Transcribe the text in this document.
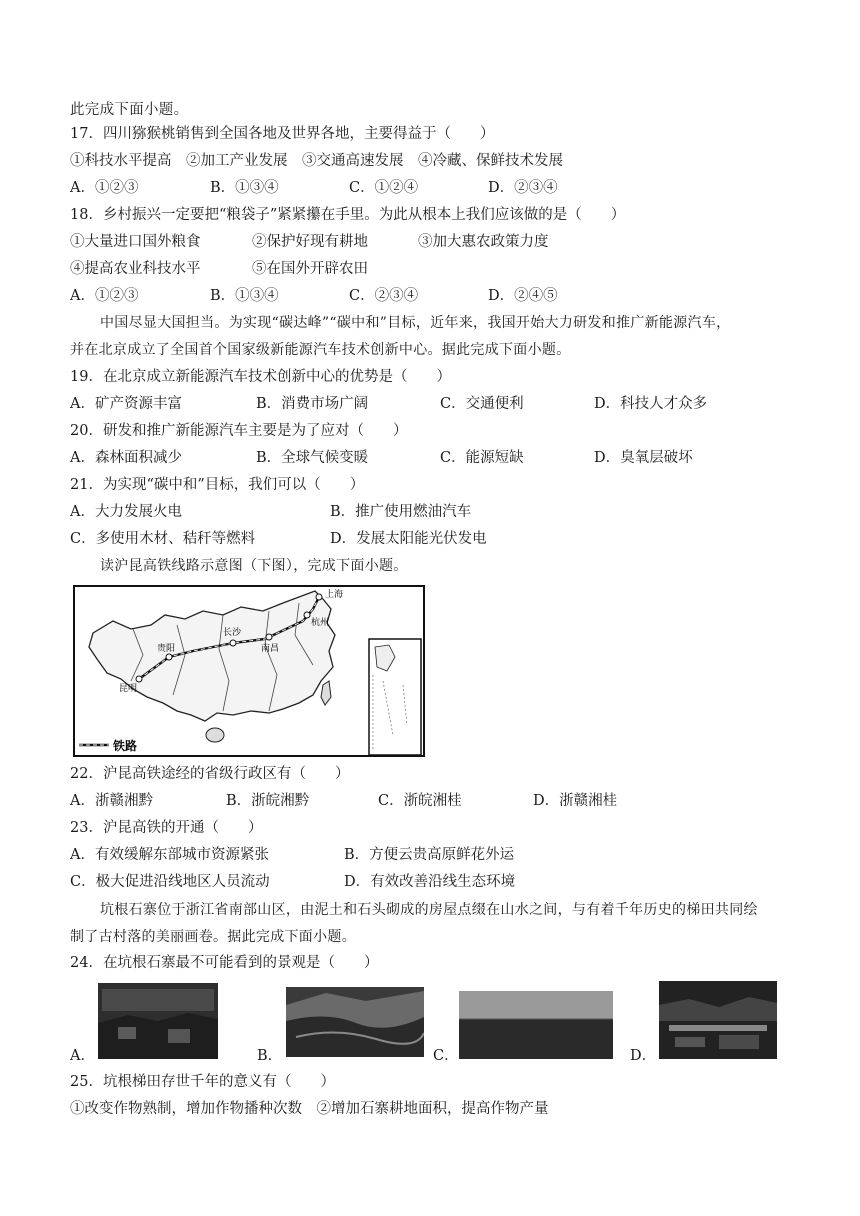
此完成下面小题。
17．四川猕猴桃销售到全国各地及世界各地，主要得益于（　　）
①科技水平提高　②加工产业发展　③交通高速发展　④冷藏、保鲜技术发展
A．①②③	B．①③④	C．①②④	D．②③④
18．乡村振兴一定要把“粮袋子”紧紧攥在手里。为此从根本上我们应该做的是（　　）
①大量进口国外粮食	②保护好现有耕地	③加大惠农政策力度
④提高农业科技水平	⑤在国外开辟农田
A．①②③	B．①③④	C．②③④	D．②④⑤
中国尽显大国担当。为实现“碳达峰”“碳中和”目标，近年来，我国开始大力研发和推广新能源汽车，
并在北京成立了全国首个国家级新能源汽车技术创新中心。据此完成下面小题。
19．在北京成立新能源汽车技术创新中心的优势是（　　）
A．矿产资源丰富	B．消费市场广阔	C．交通便利	D．科技人才众多
20．研发和推广新能源汽车主要是为了应对（　　）
A．森林面积减少	B．全球气候变暖	C．能源短缺	D．臭氧层破坏
21．为实现“碳中和”目标，我们可以（　　）
A．大力发展火电	B．推广使用燃油汽车
C．多使用木材、秸秆等燃料	D．发展太阳能光伏发电
读沪昆高铁线路示意图（下图），完成下面小题。
上海
杭州
长沙
南昌
贵阳
昆明
铁路
22．沪昆高铁途经的省级行政区有（　　）
A．浙赣湘黔	B．浙皖湘黔	C．浙皖湘桂	D．浙赣湘桂
23．沪昆高铁的开通（　　）
A．有效缓解东部城市资源紧张	B．方便云贵高原鲜花外运
C．极大促进沿线地区人员流动	D．有效改善沿线生态环境
坑根石寨位于浙江省南部山区，由泥土和石头砌成的房屋点缀在山水之间，与有着千年历史的梯田共同绘
制了古村落的美丽画卷。据此完成下面小题。
24．在坑根石寨最不可能看到的景观是（　　）
A．	B．	C．	D．
25．坑根梯田存世千年的意义有（　　）
①改变作物熟制，增加作物播种次数　②增加石寨耕地面积，提高作物产量
